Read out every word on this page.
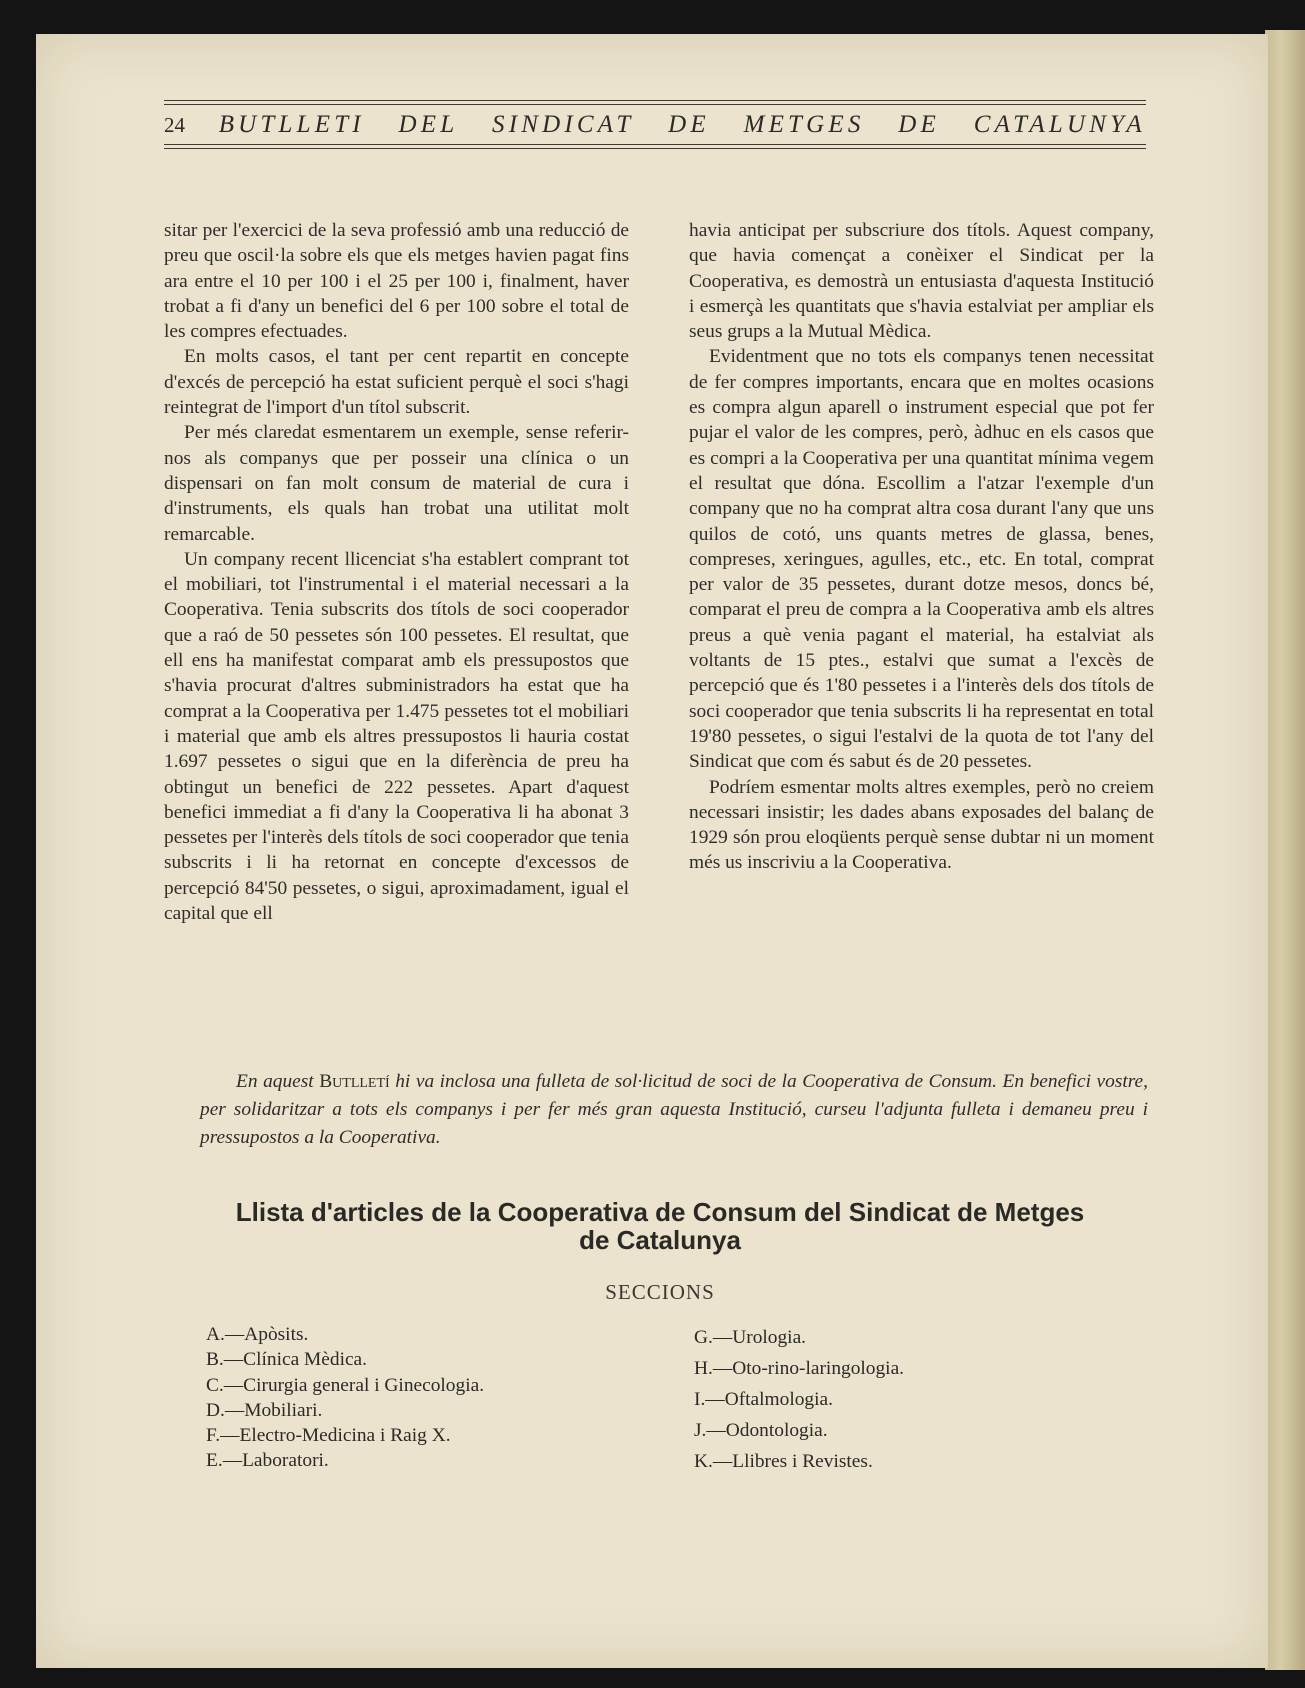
24 BUTLLETI DEL SINDICAT DE METGES DE CATALUNYA

sitar per l'exercici de la seva professió amb una reducció de preu que oscil·la sobre els que els metges havien pagat fins ara entre el 10 per 100 i el 25 per 100 i, finalment, haver trobat a fi d'any un benefici del 6 per 100 sobre el total de les compres efectuades.

En molts casos, el tant per cent repartit en concepte d'excés de percepció ha estat suficient perquè el soci s'hagi reintegrat de l'import d'un títol subscrit.

Per més claredat esmentarem un exemple, sense referir-nos als companys que per posseir una clínica o un dispensari on fan molt consum de material de cura i d'instruments, els quals han trobat una utilitat molt remarcable.

Un company recent llicenciat s'ha establert comprant tot el mobiliari, tot l'instrumental i el material necessari a la Cooperativa. Tenia subscrits dos títols de soci cooperador que a raó de 50 pessetes són 100 pessetes. El resultat, que ell ens ha manifestat comparat amb els pressupostos que s'havia procurat d'altres subministradors ha estat que ha comprat a la Cooperativa per 1.475 pessetes tot el mobiliari i material que amb els altres pressupostos li hauria costat 1.697 pessetes o sigui que en la diferència de preu ha obtingut un benefici de 222 pessetes. Apart d'aquest benefici immediat a fi d'any la Cooperativa li ha abonat 3 pessetes per l'interès dels títols de soci cooperador que tenia subscrits i li ha retornat en concepte d'excessos de percepció 84'50 pessetes, o sigui, aproximadament, igual el capital que ell

havia anticipat per subscriure dos títols. Aquest company, que havia començat a conèixer el Sindicat per la Cooperativa, es demostrà un entusiasta d'aquesta Institució i esmerçà les quantitats que s'havia estalviat per ampliar els seus grups a la Mutual Mèdica.

Evidentment que no tots els companys tenen necessitat de fer compres importants, encara que en moltes ocasions es compra algun aparell o instrument especial que pot fer pujar el valor de les compres, però, àdhuc en els casos que es compri a la Cooperativa per una quantitat mínima vegem el resultat que dóna. Escollim a l'atzar l'exemple d'un company que no ha comprat altra cosa durant l'any que uns quilos de cotó, uns quants metres de glassa, benes, compreses, xeringues, agulles, etc., etc. En total, comprat per valor de 35 pessetes, durant dotze mesos, doncs bé, comparat el preu de compra a la Cooperativa amb els altres preus a què venia pagant el material, ha estalviat als voltants de 15 ptes., estalvi que sumat a l'excès de percepció que és 1'80 pessetes i a l'interès dels dos títols de soci cooperador que tenia subscrits li ha representat en total 19'80 pessetes, o sigui l'estalvi de la quota de tot l'any del Sindicat que com és sabut és de 20 pessetes.

Podríem esmentar molts altres exemples, però no creiem necessari insistir; les dades abans exposades del balanç de 1929 són prou eloqüents perquè sense dubtar ni un moment més us inscriviu a la Cooperativa.

En aquest Butlletí hi va inclosa una fulleta de sol·licitud de soci de la Cooperativa de Consum. En benefici vostre, per solidaritzar a tots els companys i per fer més gran aquesta Institució, curseu l'adjunta fulleta i demaneu preu i pressupostos a la Cooperativa.
Llista d'articles de la Cooperativa de Consum del Sindicat de Metges
de Catalunya
SECCIONS
A.—Apòsits.
B.—Clínica Mèdica.
C.—Cirurgia general i Ginecologia.
D.—Mobiliari.
F.—Electro-Medicina i Raig X.
E.—Laboratori.
G.—Urologia.
H.—Oto-rino-laringologia.
I.—Oftalmologia.
J.—Odontologia.
K.—Llibres i Revistes.
